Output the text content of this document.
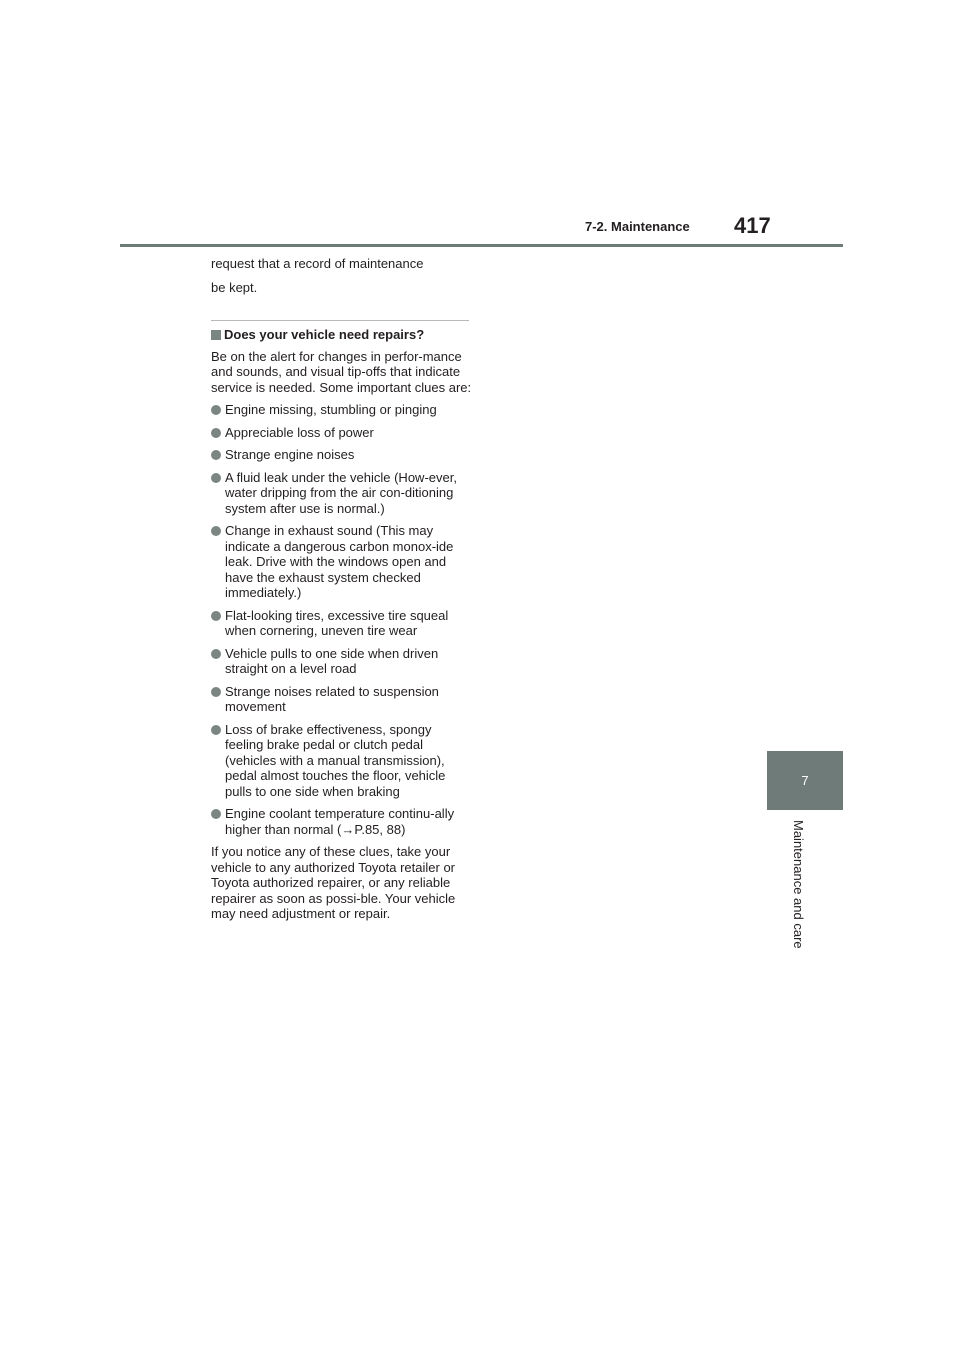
7-2. Maintenance 417
7
Maintenance and care

request that a record of maintenance

be kept.

Does your vehicle need repairs?

Be on the alert for changes in perfor-mance and sounds, and visual tip-offs that indicate service is needed. Some important clues are:

Engine missing, stumbling or pinging
Appreciable loss of power
Strange engine noises
A fluid leak under the vehicle (How-ever, water dripping from the air con-ditioning system after use is normal.)
Change in exhaust sound (This may indicate a dangerous carbon monox-ide leak. Drive with the windows open and have the exhaust system checked immediately.)
Flat-looking tires, excessive tire squeal when cornering, uneven tire wear
Vehicle pulls to one side when driven straight on a level road
Strange noises related to suspension movement
Loss of brake effectiveness, spongy feeling brake pedal or clutch pedal (vehicles with a manual transmission), pedal almost touches the floor, vehicle pulls to one side when braking
Engine coolant temperature continu-ally higher than normal (→P.85, 88)

If you notice any of these clues, take your vehicle to any authorized Toyota retailer or Toyota authorized repairer, or any reliable repairer as soon as possi-ble. Your vehicle may need adjustment or repair.
